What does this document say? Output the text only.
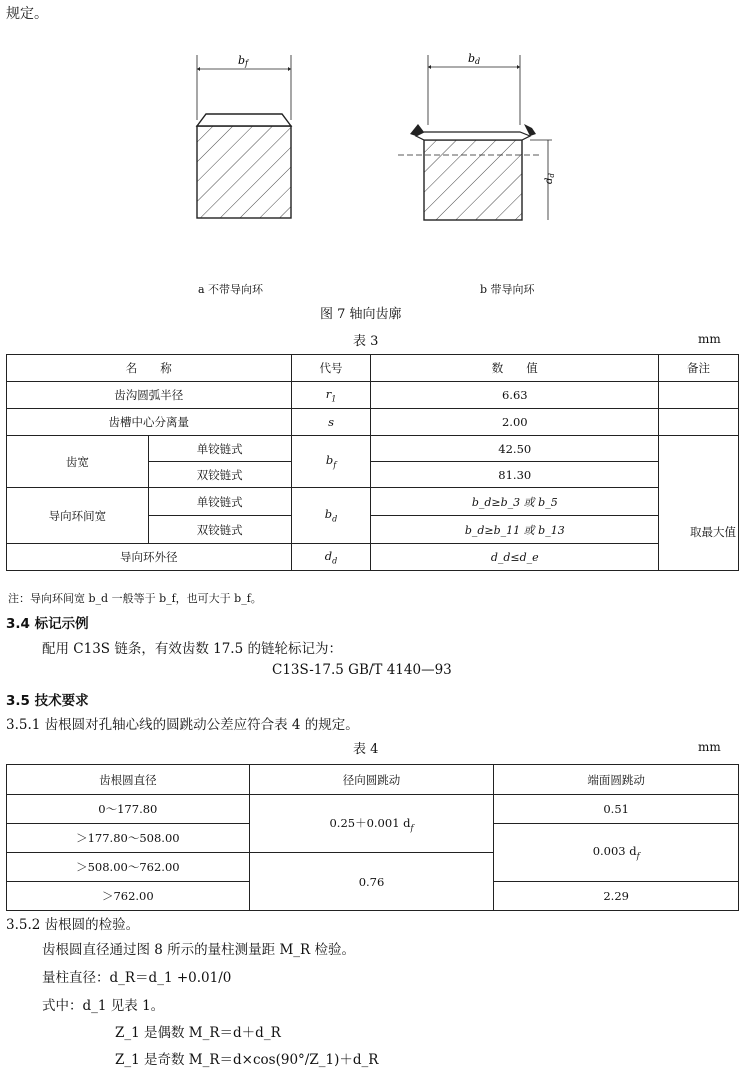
规定。
bf	bd
$d_d$
a 不带导向环	b 带导向环
图 7 轴向齿廓
表 3	mm
名　　称		代号	数　　值	备注
齿沟圆弧半径		$r_1$	6.63	
齿槽中心分离量		s	2.00	
齿宽	单铰链式	$b_f$	42.50	取最大值

	双铰链式		81.30	
导向环间宽	单铰链式	$b_d$	b_d≥b_3 或 b_5	
	双铰链式		b_d≥b_11 或 b_13	
导向环外径		$d_d$	d_d≤d_e	
注：导向环间宽 b_d 一般等于 b_f，也可大于 b_f。
3.4 标记示例
配用 C13S 链条，有效齿数 17.5 的链轮标记为：
C13S-17.5 GB/T 4140—93
3.5 技术要求
3.5.1 齿根圆对孔轴心线的圆跳动公差应符合表 4 的规定。
表 4	mm
齿根圆直径	径向圆跳动	端面圆跳动
0～177.80	0.25＋0.001 $d_f$	0.51
＞177.80～508.00		0.003 $d_f$
＞508.00～762.00	0.76	
＞762.00		2.29
3.5.2 齿根圆的检验。
齿根圆直径通过图 8 所示的量柱测量距 M_R 检验。
量柱直径：d_R＝d_1 +0.01/0
式中：d_1 见表 1。
Z_1 是偶数 M_R＝d＋d_R
Z_1 是奇数 M_R＝d×cos(90°/Z_1)＋d_R
